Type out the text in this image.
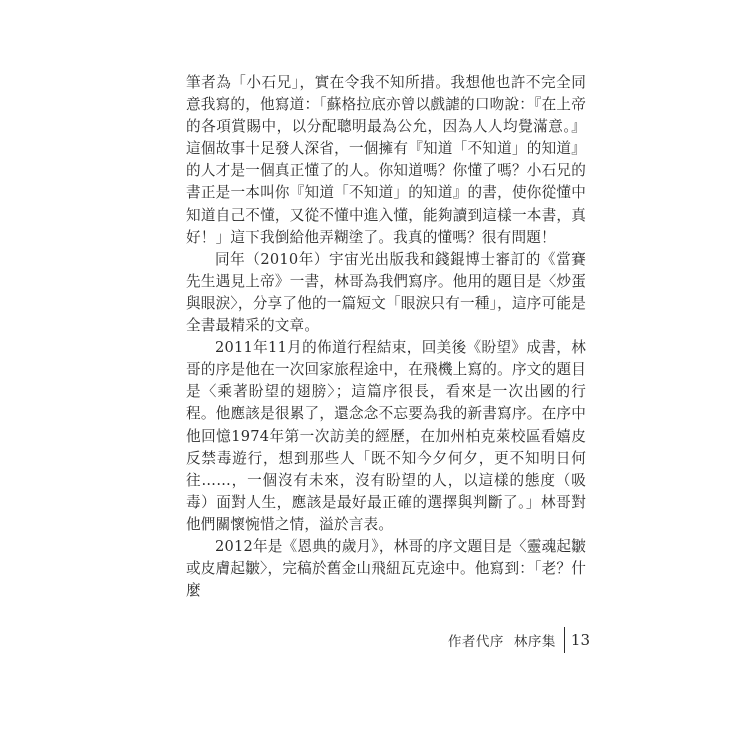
筆者為「小石兄」，實在令我不知所措。我想他也許不完全同意我寫的，他寫道：「蘇格拉底亦曾以戲謔的口吻說：『在上帝的各項賞賜中，以分配聰明最為公允，因為人人均覺滿意。』這個故事十足發人深省，一個擁有『知道「不知道」的知道』的人才是一個真正懂了的人。你知道嗎？你懂了嗎？小石兄的書正是一本叫你『知道「不知道」的知道』的書，使你從懂中知道自己不懂，又從不懂中進入懂，能夠讀到這樣一本書，真好！」這下我倒給他弄糊塗了。我真的懂嗎？很有問題！

同年（2010年）宇宙光出版我和錢錕博士審訂的《當賽先生遇見上帝》一書，林哥為我們寫序。他用的題目是〈炒蛋與眼淚〉，分享了他的一篇短文「眼淚只有一種」，這序可能是全書最精采的文章。

2011年11月的佈道行程結束，回美後《盼望》成書，林哥的序是他在一次回家旅程途中，在飛機上寫的。序文的題目是〈乘著盼望的翅膀〉；這篇序很長，看來是一次出國的行程。他應該是很累了，還念念不忘要為我的新書寫序。在序中他回憶1974年第一次訪美的經歷，在加州柏克萊校區看嬉皮反禁毒遊行，想到那些人「既不知今夕何夕，更不知明日何往……，一個沒有未來，沒有盼望的人，以這樣的態度（吸毒）面對人生，應該是最好最正確的選擇與判斷了。」林哥對他們關懷惋惜之情，溢於言表。

2012年是《恩典的歲月》，林哥的序文題目是〈靈魂起皺或皮膚起皺〉，完稿於舊金山飛紐瓦克途中。他寫到：「老？什麼

作者代序 林序集 13
